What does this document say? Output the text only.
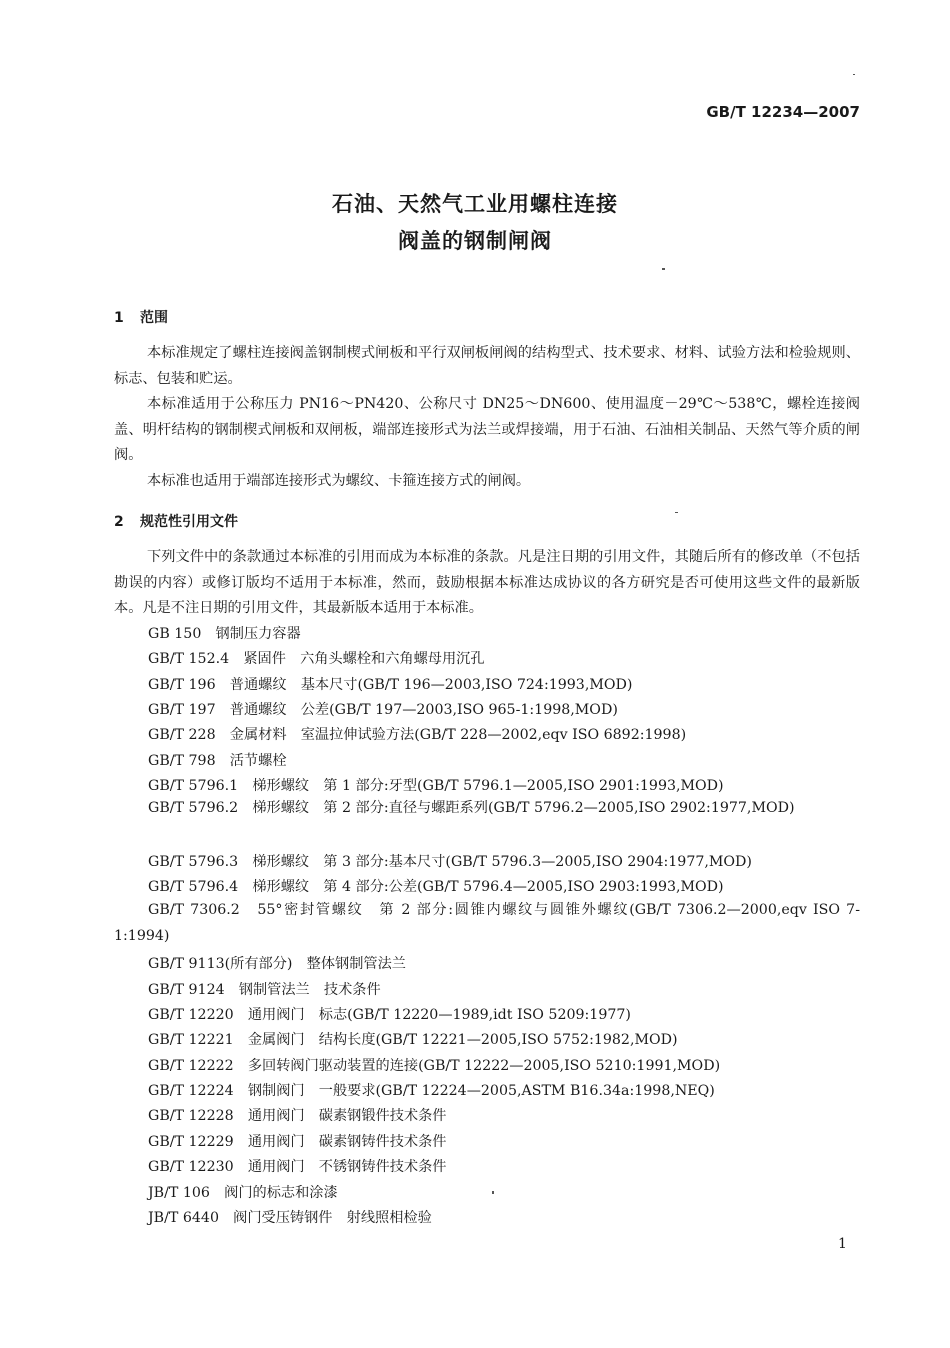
GB/T 12234—2007
石油、天然气工业用螺柱连接
阀盖的钢制闸阀
1 范围

本标准规定了螺柱连接阀盖钢制楔式闸板和平行双闸板闸阀的结构型式、技术要求、材料、试验方法和检验规则、标志、包装和贮运。

本标准适用于公称压力 PN16～PN420、公称尺寸 DN25～DN600、使用温度－29℃～538℃，螺栓连接阀盖、明杆结构的钢制楔式闸板和双闸板，端部连接形式为法兰或焊接端，用于石油、石油相关制品、天然气等介质的闸阀。

本标准也适用于端部连接形式为螺纹、卡箍连接方式的闸阀。

2 规范性引用文件

下列文件中的条款通过本标准的引用而成为本标准的条款。凡是注日期的引用文件，其随后所有的修改单（不包括勘误的内容）或修订版均不适用于本标准，然而，鼓励根据本标准达成协议的各方研究是否可使用这些文件的最新版本。凡是不注日期的引用文件，其最新版本适用于本标准。

GB 150　钢制压力容器
GB/T 152.4　紧固件　六角头螺栓和六角螺母用沉孔
GB/T 196　普通螺纹　基本尺寸(GB/T 196—2003,ISO 724:1993,MOD)
GB/T 197　普通螺纹　公差(GB/T 197—2003,ISO 965-1:1998,MOD)
GB/T 228　金属材料　室温拉伸试验方法(GB/T 228—2002,eqv ISO 6892:1998)
GB/T 798　活节螺栓
GB/T 5796.1　梯形螺纹　第 1 部分:牙型(GB/T 5796.1—2005,ISO 2901:1993,MOD)

GB/T 5796.2　梯形螺纹　第 2 部分:直径与螺距系列(GB/T 5796.2—2005,ISO 2902:1977,MOD)

GB/T 5796.3　梯形螺纹　第 3 部分:基本尺寸(GB/T 5796.3—2005,ISO 2904:1977,MOD)
GB/T 5796.4　梯形螺纹　第 4 部分:公差(GB/T 5796.4—2005,ISO 2903:1993,MOD)

GB/T 7306.2　55°密封管螺纹　第 2 部分:圆锥内螺纹与圆锥外螺纹(GB/T 7306.2—2000,eqv ISO 7-1:1994)

GB/T 9113(所有部分)　整体钢制管法兰
GB/T 9124　钢制管法兰　技术条件
GB/T 12220　通用阀门　标志(GB/T 12220—1989,idt ISO 5209:1977)
GB/T 12221　金属阀门　结构长度(GB/T 12221—2005,ISO 5752:1982,MOD)
GB/T 12222　多回转阀门驱动装置的连接(GB/T 12222—2005,ISO 5210:1991,MOD)
GB/T 12224　钢制阀门　一般要求(GB/T 12224—2005,ASTM B16.34a:1998,NEQ)
GB/T 12228　通用阀门　碳素钢锻件技术条件
GB/T 12229　通用阀门　碳素钢铸件技术条件
GB/T 12230　通用阀门　不锈钢铸件技术条件
JB/T 106　阀门的标志和涂漆
JB/T 6440　阀门受压铸钢件　射线照相检验
1
